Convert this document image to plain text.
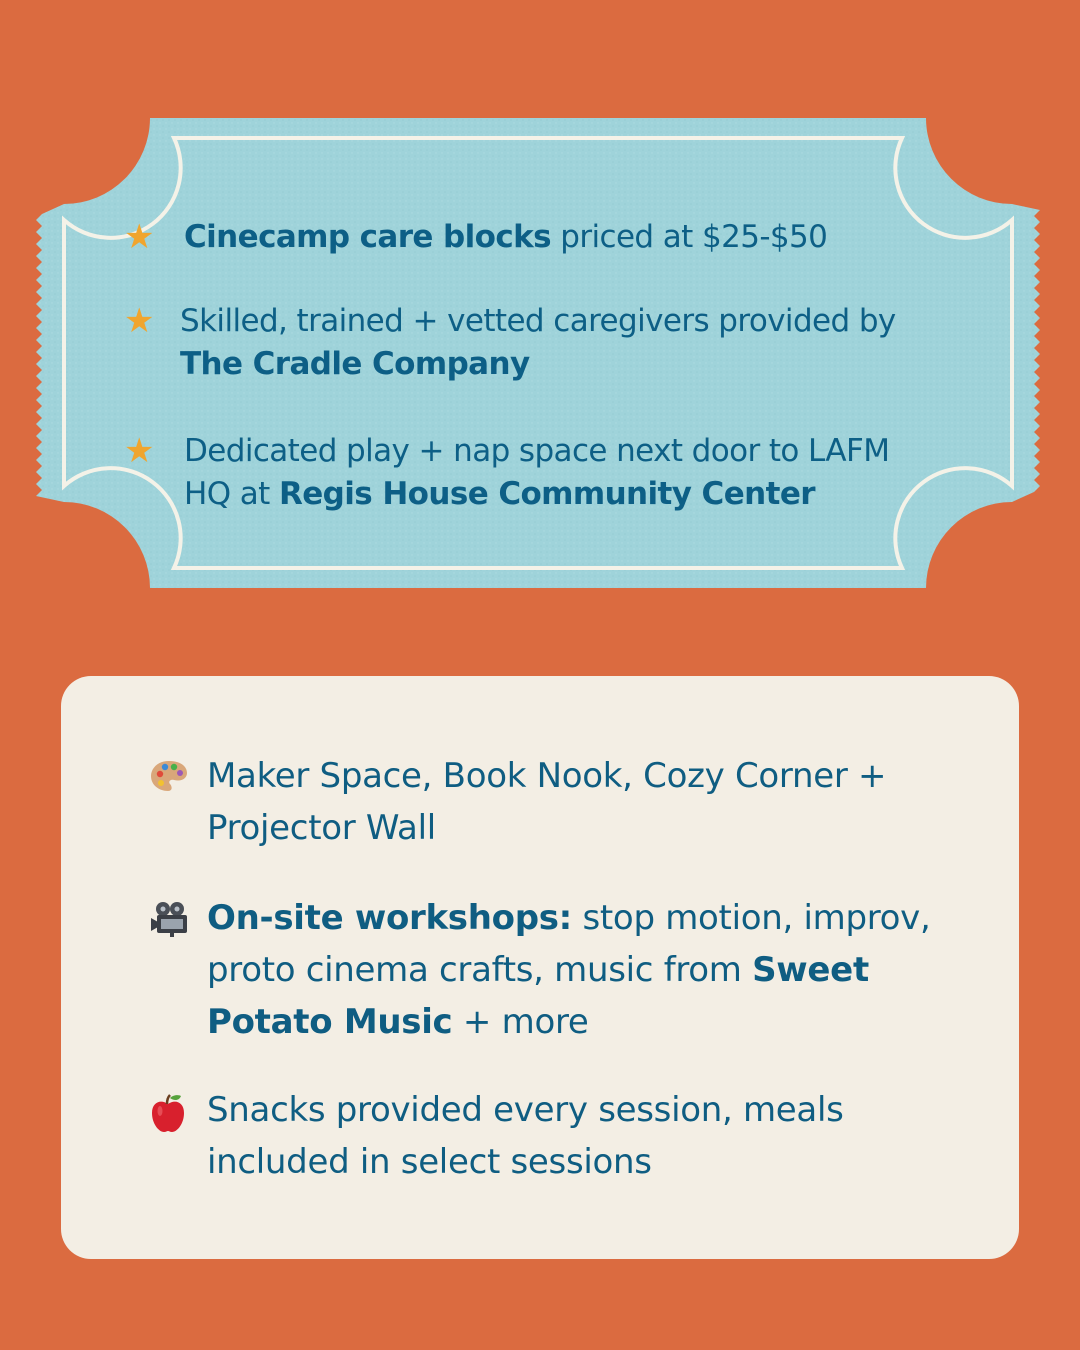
★ Cinecamp care blocks priced at $25-$50
★ Skilled, trained + vetted caregivers provided by
The Cradle Company
★ Dedicated play + nap space next door to LAFM
HQ at Regis House Community Center
Maker Space, Book Nook, Cozy Corner +
Projector Wall
On-site workshops: stop motion, improv,
proto cinema crafts, music from Sweet
Potato Music + more
Snacks provided every session, meals
included in select sessions
